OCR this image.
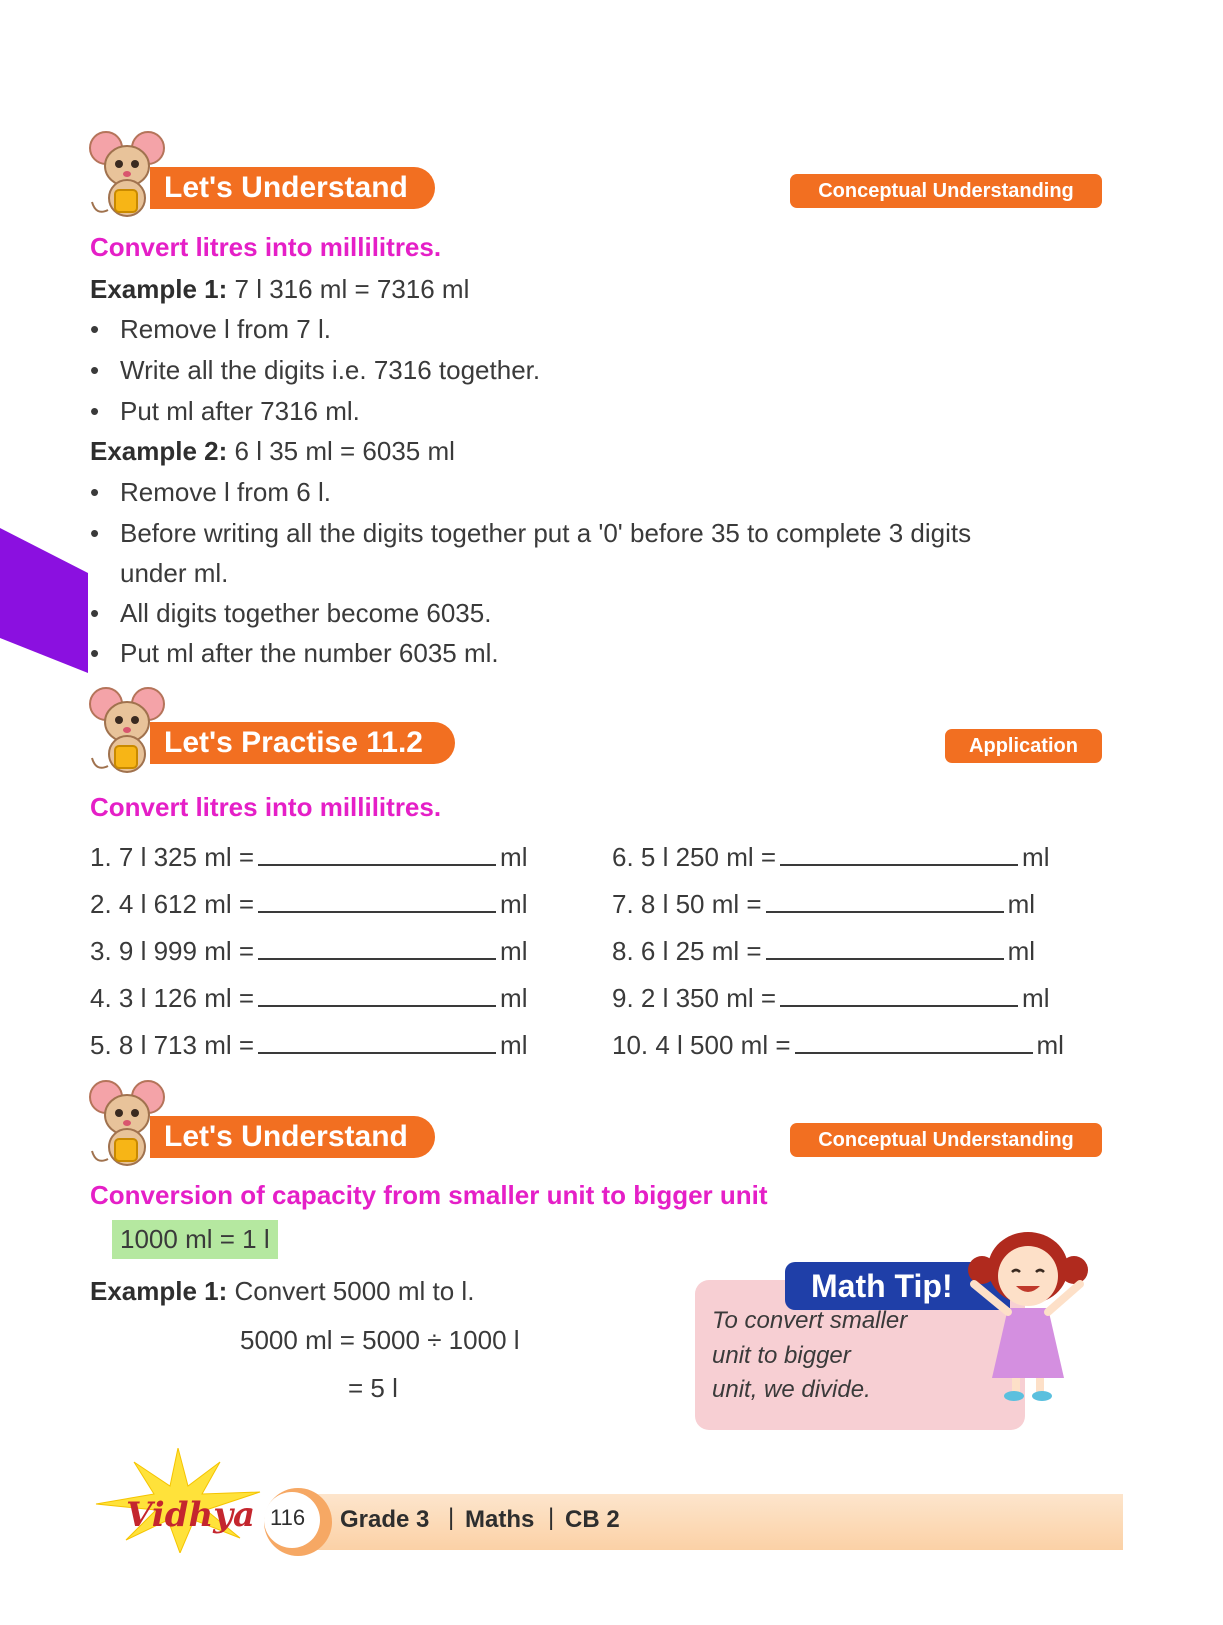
Let's Understand	Conceptual Understanding
Convert litres into millilitres.
Example 1: 7 l 316 ml = 7316 ml
• Remove l from 7 l.
• Write all the digits i.e. 7316 together.
• Put ml after 7316 ml.
Example 2: 6 l 35 ml = 6035 ml
• Remove l from 6 l.
• Before writing all the digits together put a '0' before 35 to complete 3 digits
under ml.
• All digits together become 6035.
• Put ml after the number 6035 ml.
Let's Practise 11.2	Application
Convert litres into millilitres.
1. 7 l 325 ml =	ml
2. 4 l 612 ml =	ml
3. 9 l 999 ml =	ml
4. 3 l 126 ml =	ml
5. 8 l 713 ml =	ml
6. 5 l 250 ml =	ml
7. 8 l 50 ml =	ml
8. 6 l 25 ml =	ml
9. 2 l 350 ml =	ml
10. 4 l 500 ml =	ml
Let's Understand	Conceptual Understanding
Conversion of capacity from smaller unit to bigger unit
1000 ml = 1 l
Example 1: Convert 5000 ml to l.
5000 ml = 5000 ÷ 1000 l
= 5 l
Math Tip!
To convert smaller
unit to bigger
unit, we divide.
Vidhya 116 Grade 3 | Maths | CB 2
